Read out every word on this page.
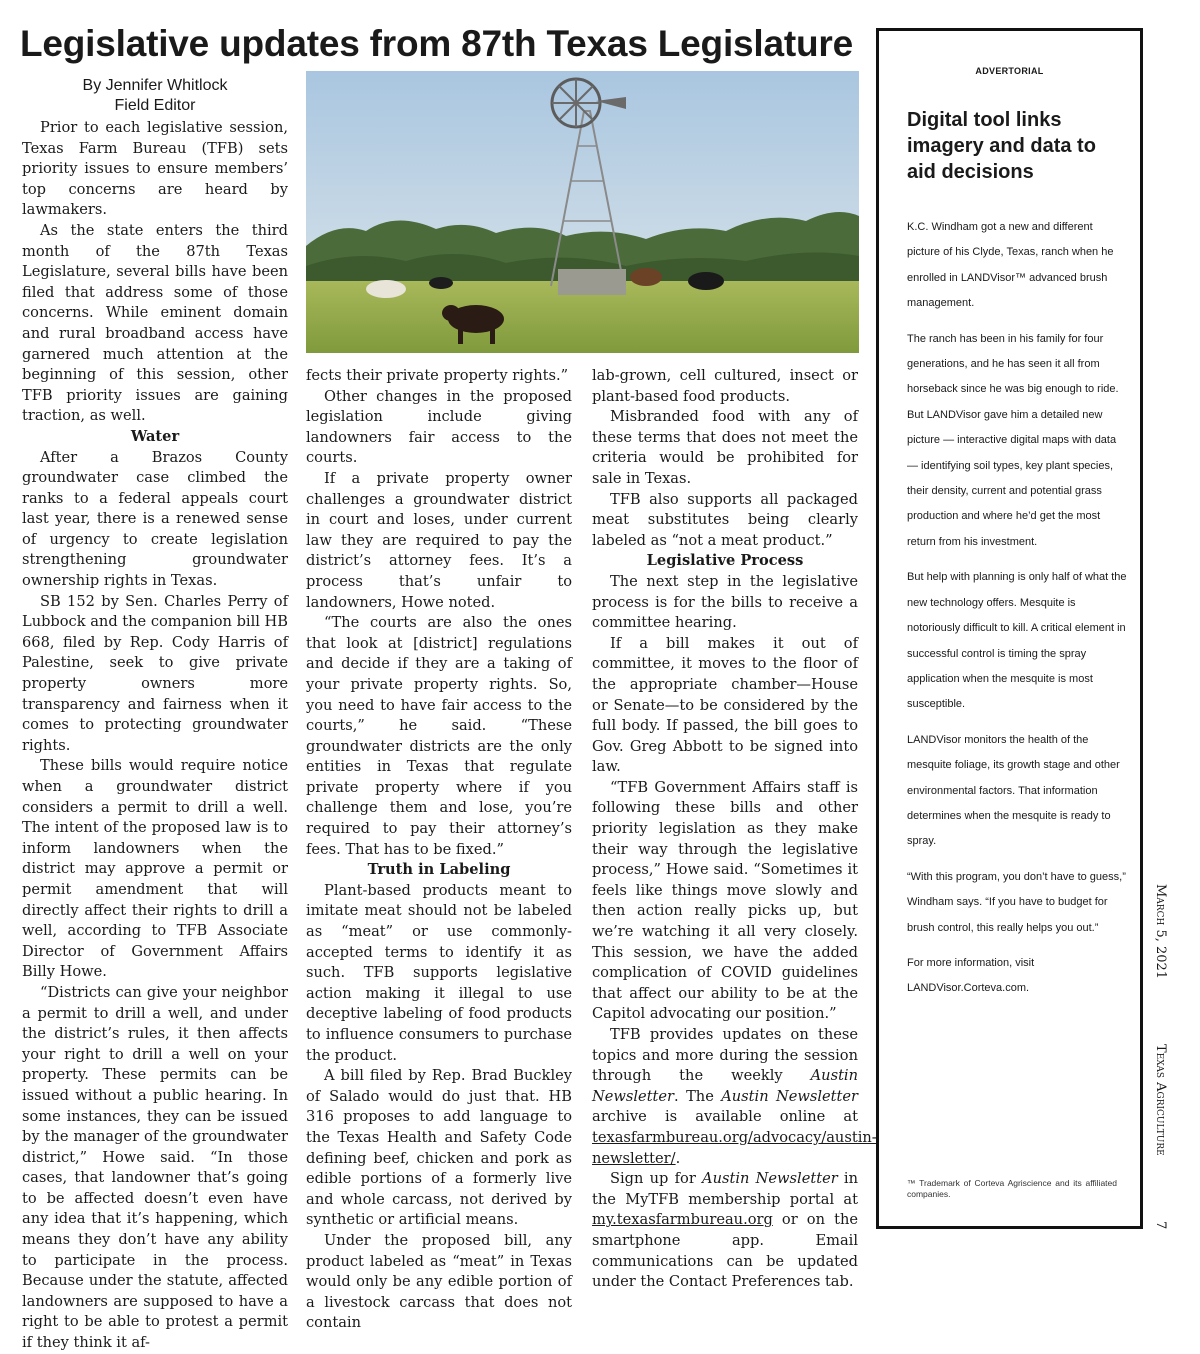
Legislative updates from 87th Texas Legislature
By Jennifer Whitlock
Field Editor

Prior to each legislative session, Texas Farm Bureau (TFB) sets priority issues to ensure members’ top concerns are heard by lawmakers.

As the state enters the third month of the 87th Texas Legislature, several bills have been filed that address some of those concerns. While eminent domain and rural broadband access have garnered much attention at the beginning of this session, other TFB priority issues are gaining traction, as well.

Water

After a Brazos County groundwater case climbed the ranks to a federal appeals court last year, there is a renewed sense of urgency to create legislation strengthening groundwater ownership rights in Texas.

SB 152 by Sen. Charles Perry of Lubbock and the companion bill HB 668, filed by Rep. Cody Harris of Palestine, seek to give private property owners more transparency and fairness when it comes to protecting groundwater rights.

These bills would require notice when a groundwater district considers a permit to drill a well. The intent of the proposed law is to inform landowners when the district may approve a permit or permit amendment that will directly affect their rights to drill a well, according to TFB Associate Director of Government Affairs Billy Howe.

“Districts can give your neighbor a permit to drill a well, and under the district’s rules, it then affects your right to drill a well on your property. These permits can be issued without a public hearing. In some instances, they can be issued by the manager of the groundwater district,” Howe said. “In those cases, that landowner that’s going to be affected doesn’t even have any idea that it’s happening, which means they don’t have any ability to participate in the process. Because under the statute, affected landowners are supposed to have a right to be able to protest a permit if they think it af-

fects their private property rights.”

Other changes in the proposed legislation include giving landowners fair access to the courts.

If a private property owner challenges a groundwater district in court and loses, under current law they are required to pay the district’s attorney fees. It’s a process that’s unfair to landowners, Howe noted.

“The courts are also the ones that look at [district] regulations and decide if they are a taking of your private property rights. So, you need to have fair access to the courts,” he said. “These groundwater districts are the only entities in Texas that regulate private property where if you challenge them and lose, you’re required to pay their attorney’s fees. That has to be fixed.”

Truth in Labeling

Plant-based products meant to imitate meat should not be labeled as “meat” or use commonly-accepted terms to identify it as such. TFB supports legislative action making it illegal to use deceptive labeling of food products to influence consumers to purchase the product.

A bill filed by Rep. Brad Buckley of Salado would do just that. HB 316 proposes to add language to the Texas Health and Safety Code defining beef, chicken and pork as edible portions of a formerly live and whole carcass, not derived by synthetic or artificial means.

Under the proposed bill, any product labeled as “meat” in Texas would only be any edible portion of a livestock carcass that does not contain

lab-grown, cell cultured, insect or plant-based food products.

Misbranded food with any of these terms that does not meet the criteria would be prohibited for sale in Texas.

TFB also supports all packaged meat substitutes being clearly labeled as “not a meat product.”

Legislative Process

The next step in the legislative process is for the bills to receive a committee hearing.

If a bill makes it out of committee, it moves to the floor of the appropriate chamber—House or Senate—to be considered by the full body. If passed, the bill goes to Gov. Greg Abbott to be signed into law.

“TFB Government Affairs staff is following these bills and other priority legislation as they make their way through the legislative process,” Howe said. “Sometimes it feels like things move slowly and then action really picks up, but we’re watching it all very closely. This session, we have the added complication of COVID guidelines that affect our ability to be at the Capitol advocating our position.”

TFB provides updates on these topics and more during the session through the weekly Austin Newsletter. The Austin Newsletter archive is available online at texasfarmbureau.org/advocacy/austin-newsletter/.

Sign up for Austin Newsletter in the MyTFB membership portal at my.texasfarmbureau.org or on the smartphone app. Email communications can be updated under the Contact Preferences tab.

ADVERTORIAL
Digital tool links imagery and data to aid decisions

K.C. Windham got a new and different picture of his Clyde, Texas, ranch when he enrolled in LANDVisor™ advanced brush management.

The ranch has been in his family for four generations, and he has seen it all from horseback since he was big enough to ride. But LANDVisor gave him a detailed new picture — interactive digital maps with data — identifying soil types, key plant species, their density, current and potential grass production and where he’d get the most return from his investment.

But help with planning is only half of what the new technology offers. Mesquite is notoriously difficult to kill. A critical element in successful control is timing the spray application when the mesquite is most susceptible.

LANDVisor monitors the health of the mesquite foliage, its growth stage and other environmental factors. That information determines when the mesquite is ready to spray.

“With this program, you don’t have to guess,” Windham says. “If you have to budget for brush control, this really helps you out.”

For more information, visit LANDVisor.Corteva.com.

™ Trademark of Corteva Agriscience and its affiliated companies.
March 5, 2021
Texas Agriculture
7
